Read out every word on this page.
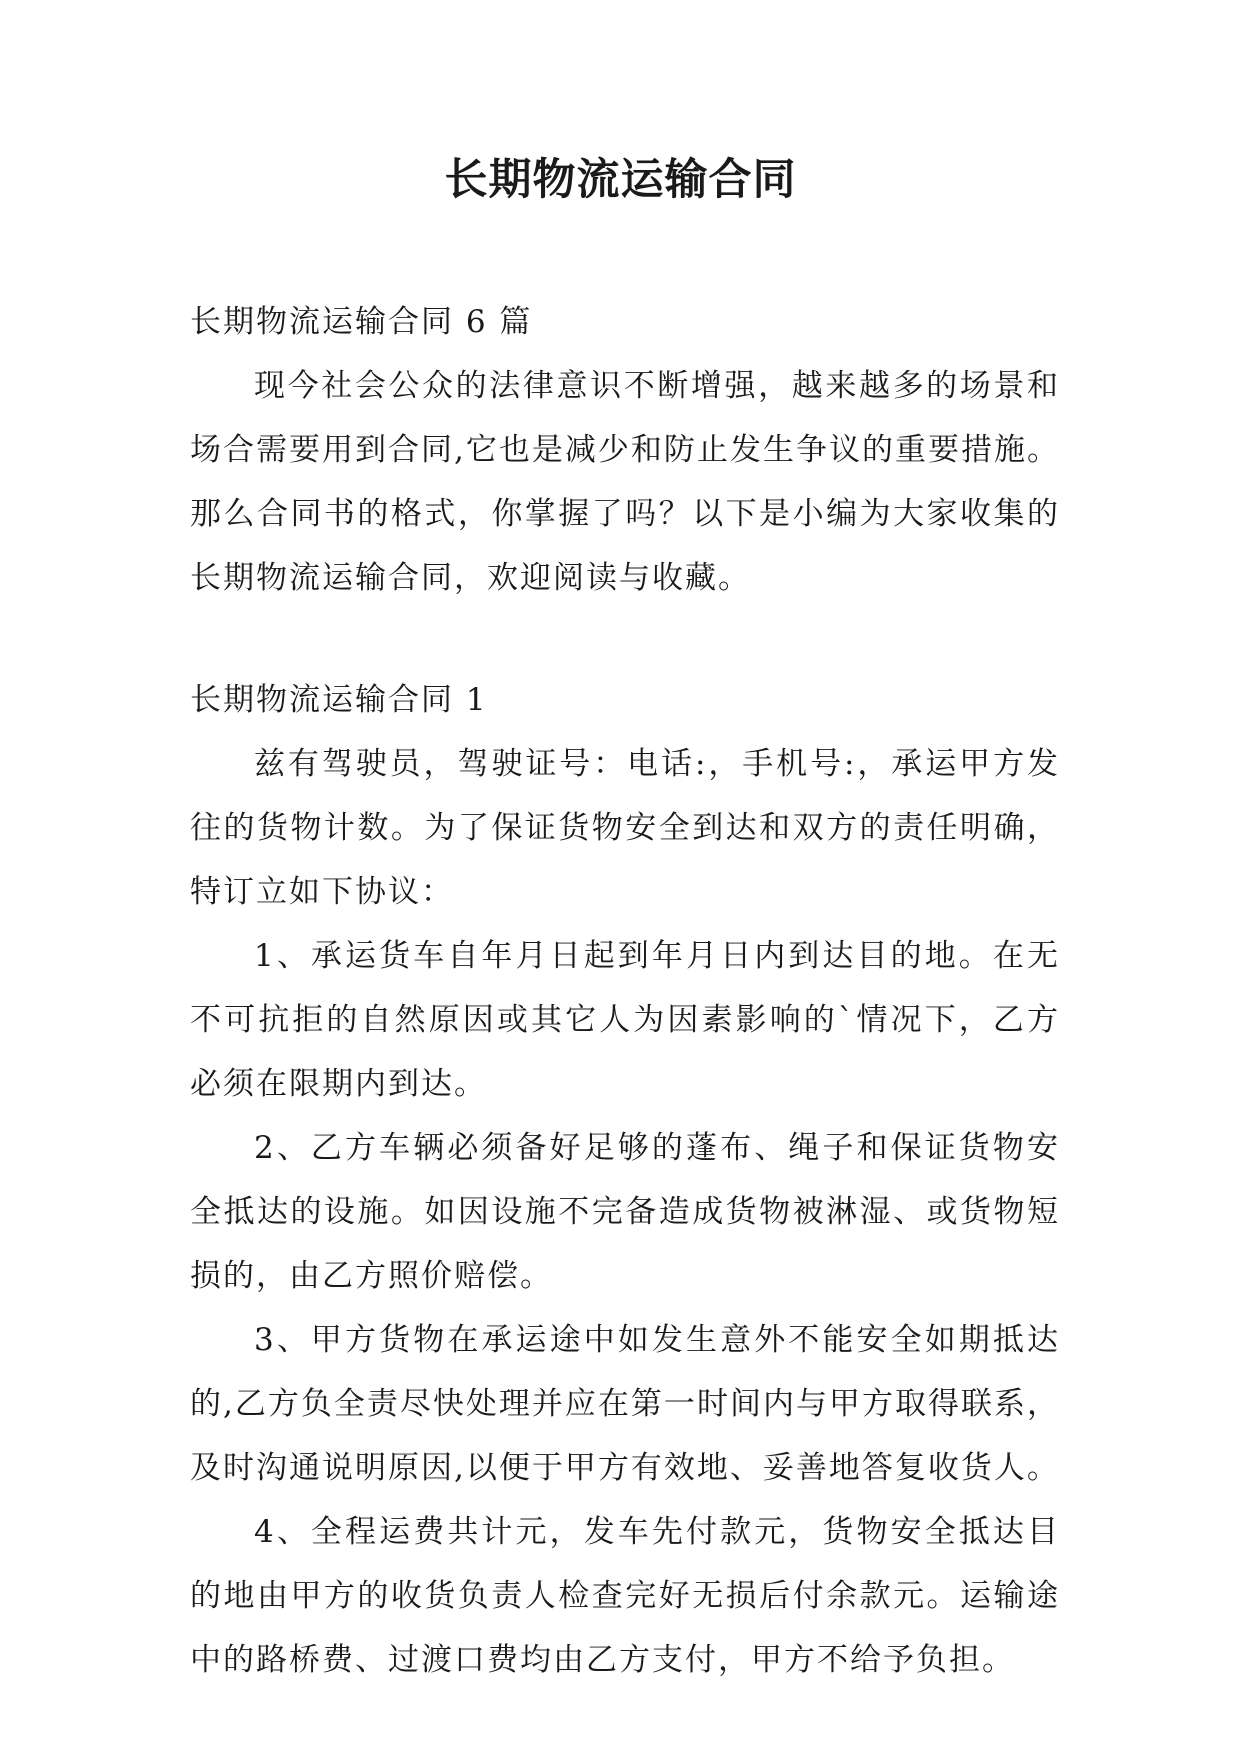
长期物流运输合同

长期物流运输合同 6 篇

现今社会公众的法律意识不断增强，越来越多的场景和场合需要用到合同,它也是减少和防止发生争议的重要措施。那么合同书的格式，你掌握了吗？以下是小编为大家收集的长期物流运输合同，欢迎阅读与收藏。

长期物流运输合同 1

兹有驾驶员，驾驶证号：电话:，手机号:，承运甲方发往的货物计数。为了保证货物安全到达和双方的责任明确，特订立如下协议：

1、承运货车自年月日起到年月日内到达目的地。在无不可抗拒的自然原因或其它人为因素影响的`情况下，乙方必须在限期内到达。

2、乙方车辆必须备好足够的蓬布、绳子和保证货物安全抵达的设施。如因设施不完备造成货物被淋湿、或货物短损的，由乙方照价赔偿。

3、甲方货物在承运途中如发生意外不能安全如期抵达的,乙方负全责尽快处理并应在第一时间内与甲方取得联系，及时沟通说明原因,以便于甲方有效地、妥善地答复收货人。

4、全程运费共计元，发车先付款元，货物安全抵达目的地由甲方的收货负责人检查完好无损后付余款元。运输途中的路桥费、过渡口费均由乙方支付，甲方不给予负担。
